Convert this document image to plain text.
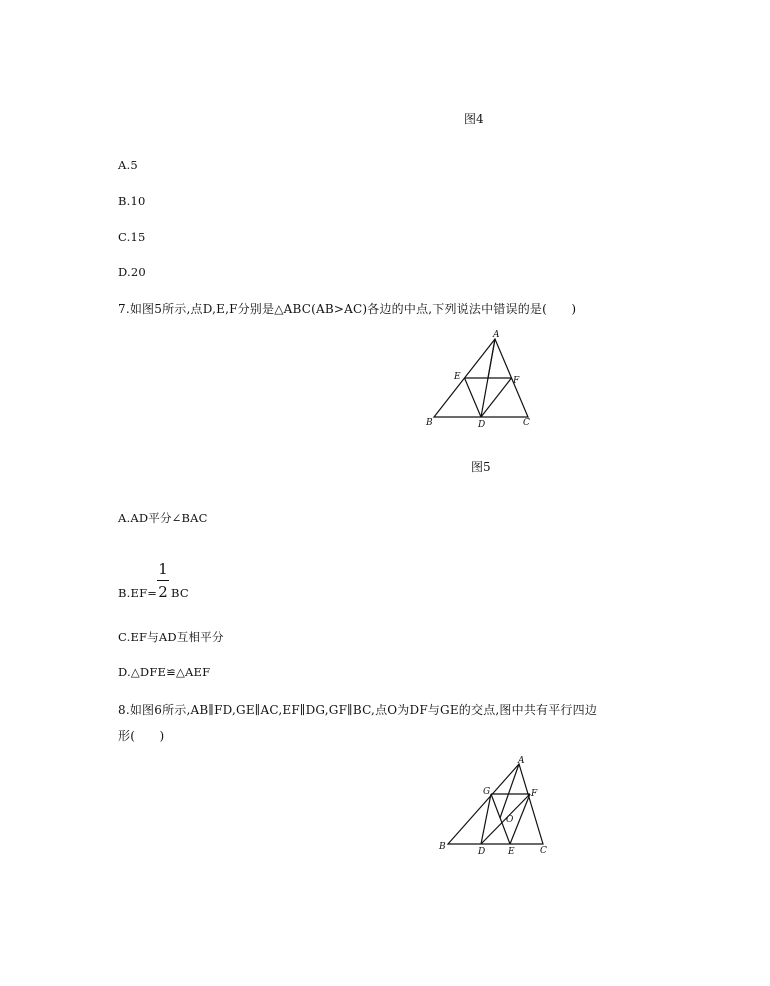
图4
A.5
B.10
C.15
D.20
7.如图5所示,点D,E,F分别是△ABC(AB>AC)各边的中点,下列说法中错误的是(　　)
A
B	C
D
E	F
图5
A.AD平分∠BAC
B.EF=
1
2 BC
C.EF与AD互相平分
D.△DFE≌△AEF
8.如图6所示,AB∥FD,GE∥AC,EF∥DG,GF∥BC,点O为DF与GE的交点,图中共有平行四边
形(　　)
A
B	C
D	E
F
G
O
